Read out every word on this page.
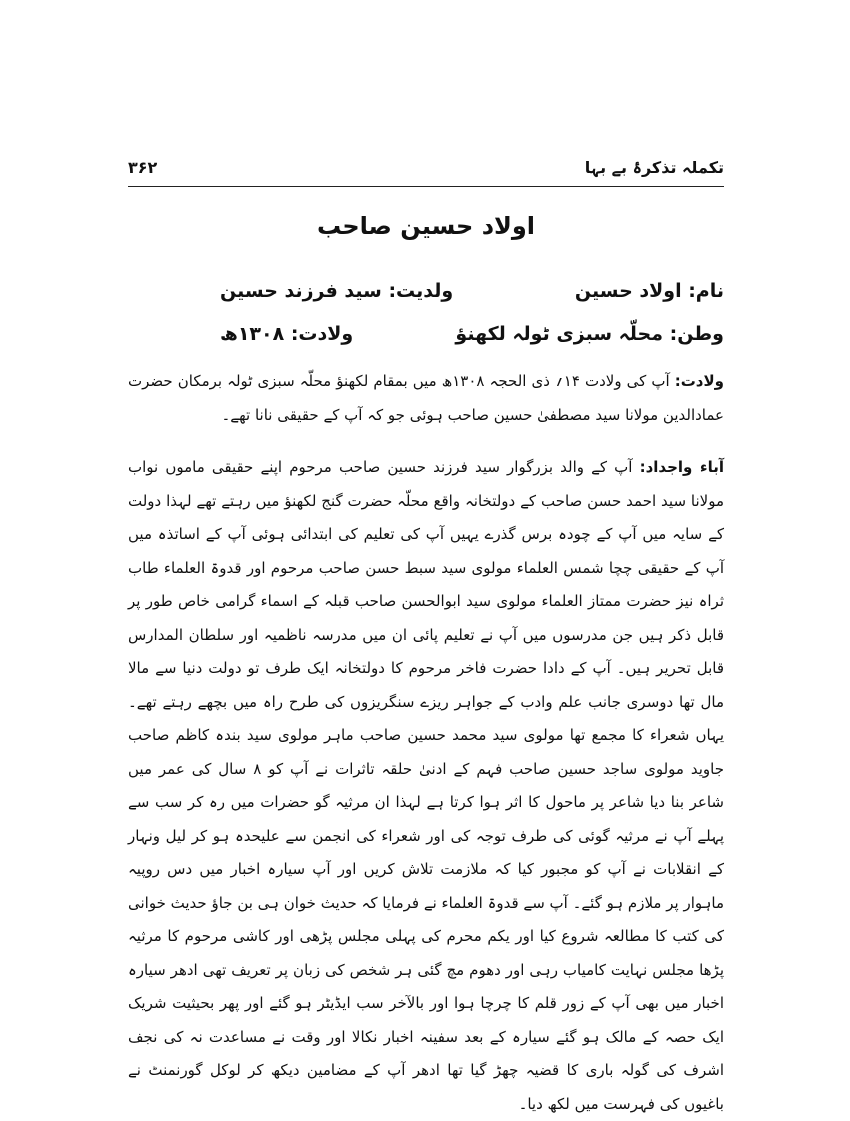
تکملہ تذکرۂ بے بہا
۳۶۲
اولاد حسین صاحب
نام: اولاد حسین
ولدیت: سید فرزند حسین
وطن: محلّہ سبزی ٹولہ لکھنؤ
ولادت: ۱۳۰۸ھ

ولادت: آپ کی ولادت ۱۴؍ ذی الحجہ ۱۳۰۸ھ میں بمقام لکھنؤ محلّہ سبزی ٹولہ برمکان حضرت عمادالدین مولانا سید مصطفیٰ حسین صاحب ہوئی جو کہ آپ کے حقیقی نانا تھے۔

آباء واجداد: آپ کے والد بزرگوار سید فرزند حسین صاحب مرحوم اپنے حقیقی ماموں نواب مولانا سید احمد حسن صاحب کے دولتخانہ واقع محلّہ حضرت گنج لکھنؤ میں رہتے تھے لہذا دولت کے سایہ میں آپ کے چودہ برس گذرے یہیں آپ کی تعلیم کی ابتدائی ہوئی آپ کے اساتذہ میں آپ کے حقیقی چچا شمس العلماء مولوی سید سبط حسن صاحب مرحوم اور قدوۃ العلماء طاب ثراہ نیز حضرت ممتاز العلماء مولوی سید ابوالحسن صاحب قبلہ کے اسماء گرامی خاص طور پر قابل ذکر ہیں جن مدرسوں میں آپ نے تعلیم پائی ان میں مدرسہ ناظمیہ اور سلطان المدارس قابل تحریر ہیں۔ آپ کے دادا حضرت فاخر مرحوم کا دولتخانہ ایک طرف تو دولت دنیا سے مالا مال تھا دوسری جانب علم وادب کے جواہر ریزے سنگریزوں کی طرح راہ میں بچھے رہتے تھے۔ یہاں شعراء کا مجمع تھا مولوی سید محمد حسین صاحب ماہر مولوی سید بندہ کاظم صاحب جاوید مولوی ساجد حسین صاحب فہم کے ادنیٰ حلقہ تاثرات نے آپ کو ۸ سال کی عمر میں شاعر بنا دیا شاعر پر ماحول کا اثر ہوا کرتا ہے لہذا ان مرثیہ گو حضرات میں رہ کر سب سے پہلے آپ نے مرثیہ گوئی کی طرف توجہ کی اور شعراء کی انجمن سے علیحدہ ہو کر لیل ونہار کے انقلابات نے آپ کو مجبور کیا کہ ملازمت تلاش کریں اور آپ سیارہ اخبار میں دس روپیہ ماہوار پر ملازم ہو گئے۔ آپ سے قدوۃ العلماء نے فرمایا کہ حدیث خوان ہی بن جاؤ حدیث خوانی کی کتب کا مطالعہ شروع کیا اور یکم محرم کی پہلی مجلس پڑھی اور کاشی مرحوم کا مرثیہ پڑھا مجلس نہایت کامیاب رہی اور دھوم مچ گئی ہر شخص کی زبان پر تعریف تھی ادھر سیارہ اخبار میں بھی آپ کے زور قلم کا چرچا ہوا اور بالآخر سب ایڈیٹر ہو گئے اور پھر بحیثیت شریک ایک حصہ کے مالک ہو گئے سیارہ کے بعد سفینہ اخبار نکالا اور وقت نے مساعدت نہ کی نجف اشرف کی گولہ باری کا قضیہ چھڑ گیا تھا ادھر آپ کے مضامین دیکھ کر لوکل گورنمنٹ نے باغیوں کی فہرست میں لکھ دیا۔
